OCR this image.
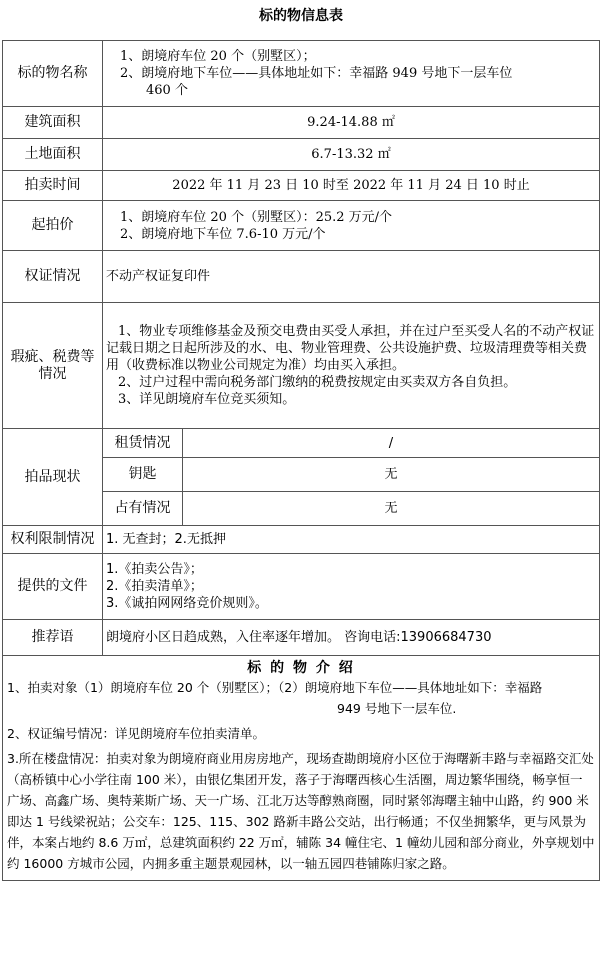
标的物信息表
标的物名称	1、朗境府车位 20 个（别墅区）；
2、朗境府地下车位——具体地址如下：幸福路 949 号地下一层车位
460 个	

建筑面积	9.24-14.88 ㎡	
土地面积	6.7-13.32 ㎡	
拍卖时间	2022 年 11 月 23 日 10 时至 2022 年 11 月 24 日 10 时止	
起拍价	1、朗境府车位 20 个（别墅区）：25.2 万元/个
2、朗境府地下车位 7.6-10 万元/个	

权证情况	不动产权证复印件	
瑕疵、税费等情况	1、物业专项维修基金及预交电费由买受人承担，并在过户至买受人名的不动产权证记载日期之日起所涉及的水、电、物业管理费、公共设施护费、垃圾清理费等相关费用（收费标准以物业公司规定为准）均由买入承担。
2、过户过程中需向税务部门缴纳的税费按规定由买卖双方各自负担。
3、详见朗境府车位竞买须知。	

拍品现状	租赁情况	/
	钥匙	无
	占有情况	无
权利限制情况	1. 无查封；2.无抵押	
提供的文件	1.《拍卖公告》；
2.《拍卖清单》；
3.《诚拍网网络竞价规则》。	

推荐语	朗境府小区日趋成熟，入住率逐年增加。 咨询电话:13906684730	

标 的 物 介 绍

1、拍卖对象（1）朗境府车位 20 个（别墅区）；（2）朗境府地下车位——具体地址如下：幸福路

949 号地下一层车位.

2、权证编号情况：详见朗境府车位拍卖清单。

3.所在楼盘情况：拍卖对象为朗境府商业用房房地产，现场查勘朗境府小区位于海曙新丰路与幸福路交汇处（高桥镇中心小学往南 100 米），由银亿集团开发，落子于海曙西核心生活圈，周边繁华围绕，畅享恒一广场、高鑫广场、奥特莱斯广场、天一广场、江北万达等醇熟商圈，同时紧邻海曙主轴中山路，约 900 米即达 1 号线梁祝站；公交车：125、115、302 路新丰路公交站，出行畅通；不仅坐拥繁华，更与风景为伴，本案占地约 8.6 万㎡，总建筑面积约 22 万㎡，辅陈 34 幢住宅、1 幢幼儿园和部分商业，外享规划中约 16000 方城市公园，内拥多重主题景观园林，以一轴五园四巷铺陈归家之路。		
